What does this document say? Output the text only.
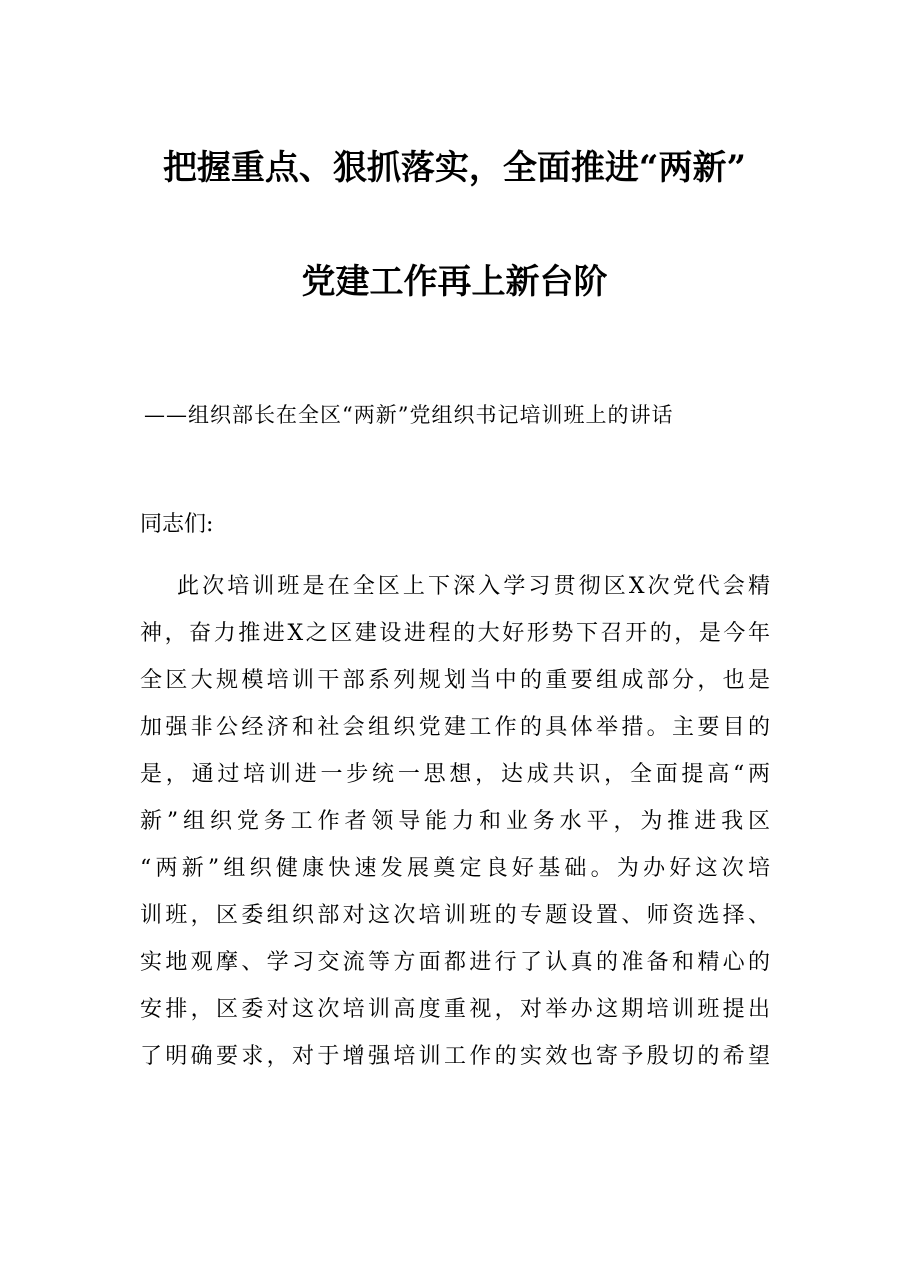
把握重点、狠抓落实，全面推进“两新”
党建工作再上新台阶
——组织部长在全区“两新”党组织书记培训班上的讲话
同志们:
此次培训班是在全区上下深入学习贯彻区X次党代会精
神，奋力推进X之区建设进程的大好形势下召开的，是今年
全区大规模培训干部系列规划当中的重要组成部分，也是
加强非公经济和社会组织党建工作的具体举措。主要目的
是，通过培训进一步统一思想，达成共识，全面提高“两
新”组织党务工作者领导能力和业务水平，为推进我区
“两新”组织健康快速发展奠定良好基础。为办好这次培
训班，区委组织部对这次培训班的专题设置、师资选择、
实地观摩、学习交流等方面都进行了认真的准备和精心的
安排，区委对这次培训高度重视，对举办这期培训班提出
了明确要求，对于增强培训工作的实效也寄予殷切的希望
